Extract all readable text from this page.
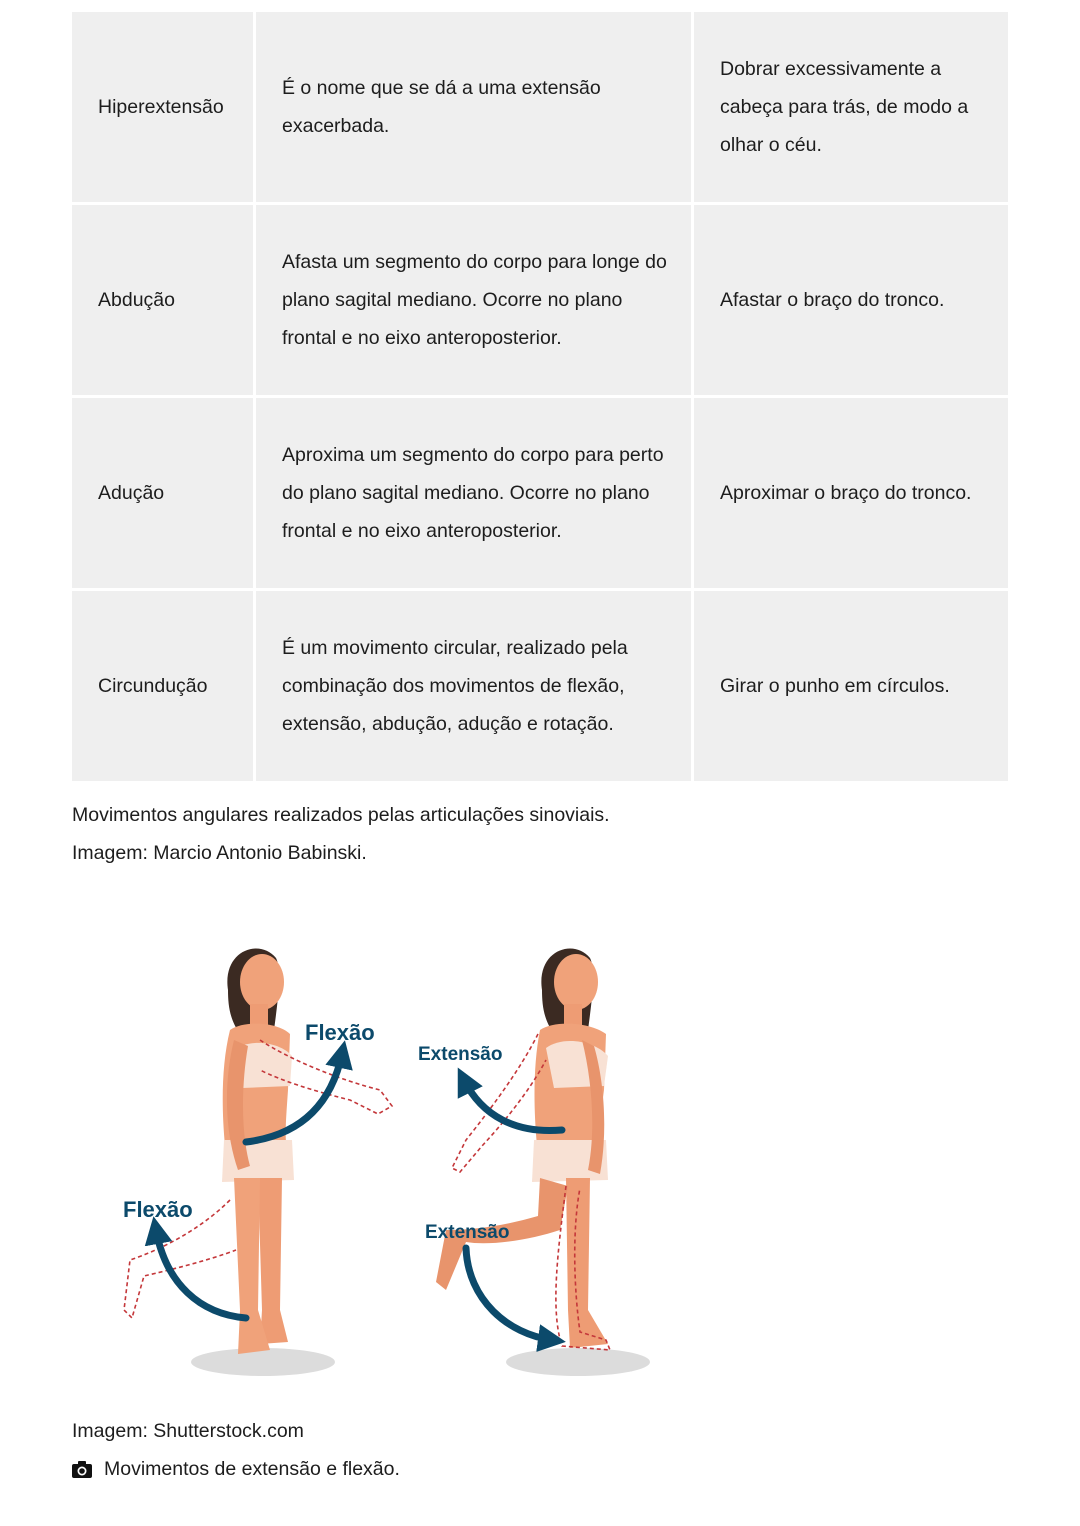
Hiperextensão
É o nome que se dá a uma extensão exacerbada.
Dobrar excessivamente a cabeça para trás, de modo a olhar o céu.
Abdução
Afasta um segmento do corpo para longe do plano sagital mediano. Ocorre no plano frontal e no eixo anteroposterior.
Afastar o braço do tronco.
Adução
Aproxima um segmento do corpo para perto do plano sagital mediano. Ocorre no plano frontal e no eixo anteroposterior.
Aproximar o braço do tronco.
Circundução
É um movimento circular, realizado pela combinação dos movimentos de flexão, extensão, abdução, adução e rotação.
Girar o punho em círculos.
Movimentos angulares realizados pelas articulações sinoviais.
Imagem: Marcio Antonio Babinski.
Flexão
Flexão
Extensão
Extensão
Imagem: Shutterstock.com
Movimentos de extensão e flexão.
